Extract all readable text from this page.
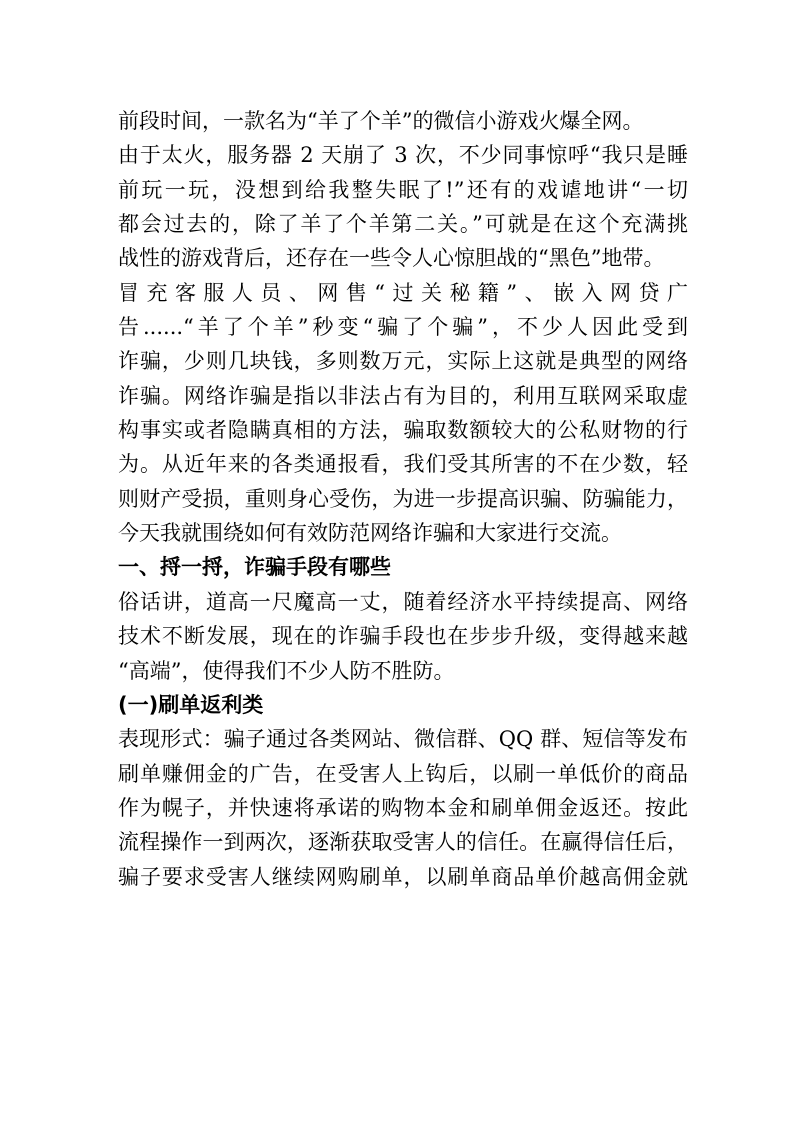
前段时间，一款名为“羊了个羊”的微信小游戏火爆全网。
由于太火，服务器 2 天崩了 3 次，不少同事惊呼“我只是睡
前玩一玩，没想到给我整失眠了!”还有的戏谑地讲“一切
都会过去的，除了羊了个羊第二关。”可就是在这个充满挑
战性的游戏背后，还存在一些令人心惊胆战的“黑色”地带。
冒充客服人员、网售“过关秘籍”、嵌入网贷广
告......“羊了个羊”秒变“骗了个骗”，不少人因此受到
诈骗，少则几块钱，多则数万元，实际上这就是典型的网络
诈骗。网络诈骗是指以非法占有为目的，利用互联网采取虚
构事实或者隐瞒真相的方法，骗取数额较大的公私财物的行
为。从近年来的各类通报看，我们受其所害的不在少数，轻
则财产受损，重则身心受伤，为进一步提高识骗、防骗能力，
今天我就围绕如何有效防范网络诈骗和大家进行交流。
一、捋一捋，诈骗手段有哪些
俗话讲，道高一尺魔高一丈，随着经济水平持续提高、网络
技术不断发展，现在的诈骗手段也在步步升级，变得越来越
“高端”，使得我们不少人防不胜防。
(一)刷单返利类
表现形式：骗子通过各类网站、微信群、QQ 群、短信等发布
刷单赚佣金的广告，在受害人上钩后，以刷一单低价的商品
作为幌子，并快速将承诺的购物本金和刷单佣金返还。按此
流程操作一到两次，逐渐获取受害人的信任。在赢得信任后，
骗子要求受害人继续网购刷单，以刷单商品单价越高佣金就
